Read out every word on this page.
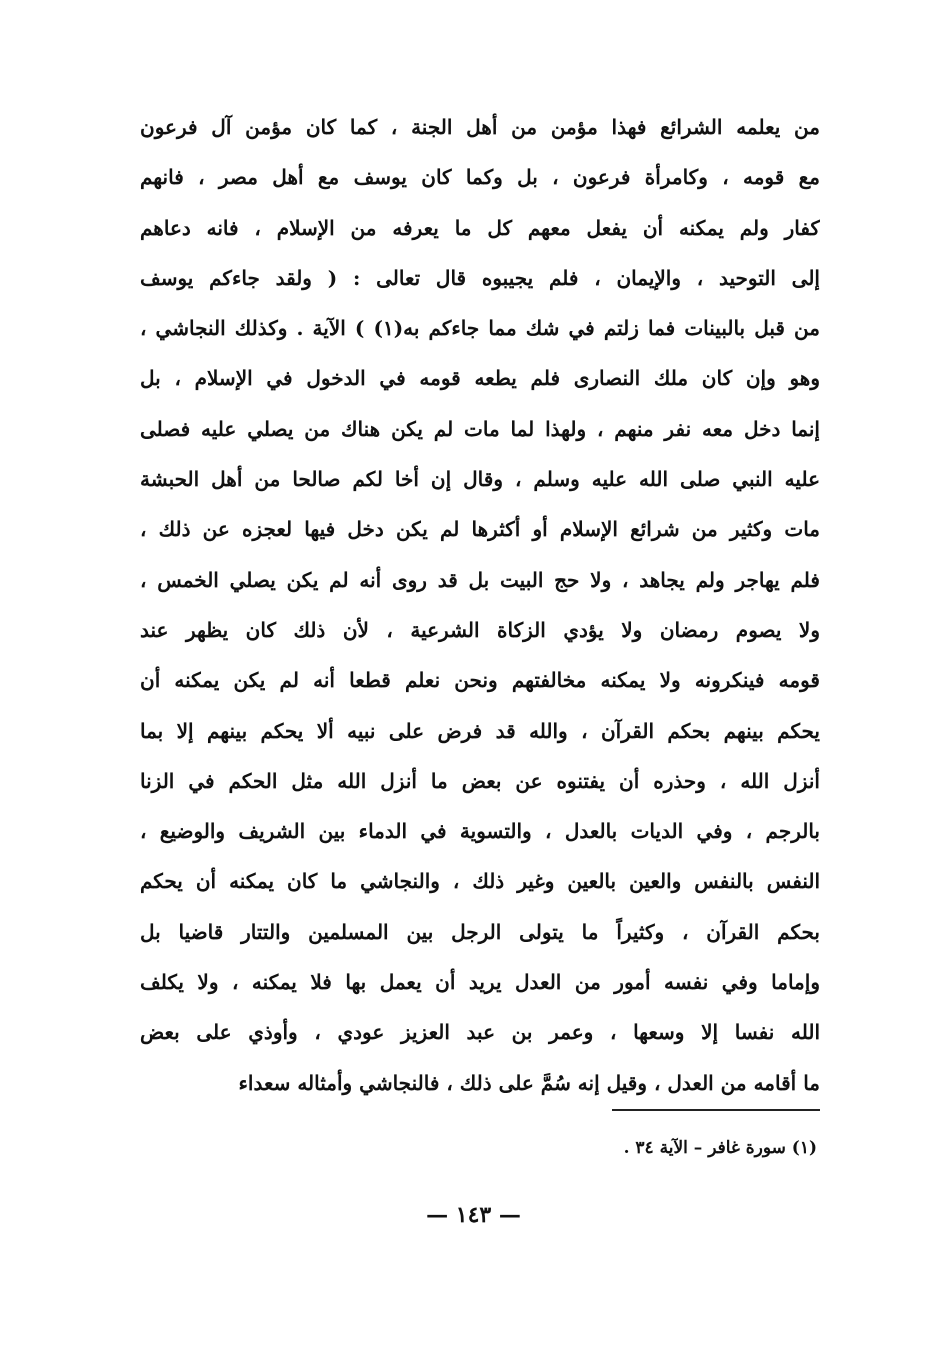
من يعلمه الشرائع فهذا مؤمن من أهل الجنة ، كما كان مؤمن آل فرعون
مع قومه ، وكامرأة فرعون ، بل وكما كان يوسف مع أهل مصر ، فانهم
كفار ولم يمكنه أن يفعل معهم كل ما يعرفه من الإسلام ، فانه دعاهم
إلى التوحيد ، والإيمان ، فلم يجيبوه قال تعالى : ( ولقد جاءكم يوسف
من قبل بالبينات فما زلتم في شك مما جاءكم به(١) ) الآية . وكذلك النجاشي ،
وهو وإن كان ملك النصارى فلم يطعه قومه في الدخول في الإسلام ، بل
إنما دخل معه نفر منهم ، ولهذا لما مات لم يكن هناك من يصلي عليه فصلى
عليه النبي صلى الله عليه وسلم ، وقال إن أخا لكم صالحا من أهل الحبشة
مات وكثير من شرائع الإسلام أو أكثرها لم يكن دخل فيها لعجزه عن ذلك ،
فلم يهاجر ولم يجاهد ، ولا حج البيت بل قد روى أنه لم يكن يصلي الخمس ،
ولا يصوم رمضان ولا يؤدي الزكاة الشرعية ، لأن ذلك كان يظهر عند
قومه فينكرونه ولا يمكنه مخالفتهم ونحن نعلم قطعا أنه لم يكن يمكنه أن
يحكم بينهم بحكم القرآن ، والله قد فرض على نبيه ألا يحكم بينهم إلا بما
أنزل الله ، وحذره أن يفتنوه عن بعض ما أنزل الله مثل الحكم في الزنا
بالرجم ، وفي الديات بالعدل ، والتسوية في الدماء بين الشريف والوضيع ،
النفس بالنفس والعين بالعين وغير ذلك ، والنجاشي ما كان يمكنه أن يحكم
بحكم القرآن ، وكثيراً ما يتولى الرجل بين المسلمين والتتار قاضيا بل
وإماما وفي نفسه أمور من العدل يريد أن يعمل بها فلا يمكنه ، ولا يكلف
الله نفسا إلا وسعها ، وعمر بن عبد العزيز عودي ، وأوذي على بعض
ما أقامه من العدل ، وقيل إنه سُمَّ على ذلك ، فالنجاشي وأمثاله سعداء
(١) سورة غافر – الآية ٣٤ .
— ١٤٣ —
